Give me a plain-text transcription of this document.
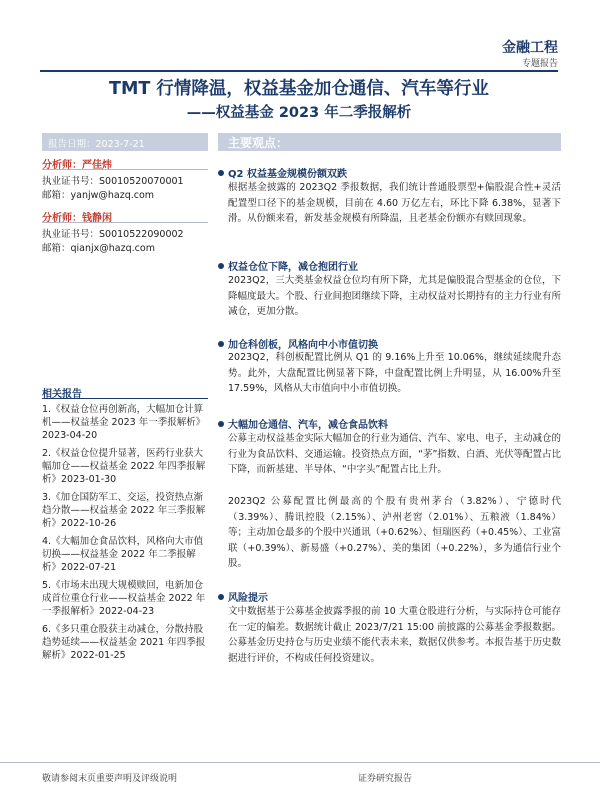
金融工程
专题报告
TMT 行情降温，权益基金加仓通信、汽车等行业
——权益基金 2023 年二季报解析
报告日期：2023-7-21	主要观点：
分析师：严佳炜
执业证书号：S0010520070001
邮箱：yanjw@hazq.com
分析师：钱静闲
执业证书号：S0010522090002
邮箱：qianjx@hazq.com
相关报告
1.《权益仓位再创新高，大幅加仓计算机——权益基金 2023 年一季报解析》2023-04-20
2.《权益仓位提升显著，医药行业获大幅加仓——权益基金 2022 年四季报解析》2023-01-30
3.《加仓国防军工、交运，投资热点渐趋分散——权益基金 2022 年三季报解析》2022-10-26
4.《大幅加仓食品饮料，风格向大市值切换——权益基金 2022 年二季报解析》2022-07-21
5.《市场未出现大规模赎回，电新加仓成首位重仓行业——权益基金 2022 年一季报解析》2022-04-23
6.《多只重仓股获主动减仓，分散持股趋势延续——权益基金 2021 年四季报解析》2022-01-25
Q2 权益基金规模份额双跌
根据基金披露的 2023Q2 季报数据，我们统计普通股票型+偏股混合性+灵活配置型口径下的基金规模，目前在 4.60 万亿左右，环比下降 6.38%，显著下滑。从份额来看，新发基金规模有所降温，且老基金份额亦有赎回现象。
权益仓位下降，减仓抱团行业
2023Q2，三大类基金权益仓位均有所下降，尤其是偏股混合型基金的仓位，下降幅度最大。个股、行业间抱团继续下降，主动权益对长期持有的主力行业有所减仓，更加分散。
加仓科创板，风格向中小市值切换
2023Q2，科创板配置比例从 Q1 的 9.16%上升至 10.06%，继续延续爬升态势。此外，大盘配置比例显著下降，中盘配置比例上升明显，从 16.00%升至 17.59%，风格从大市值向中小市值切换。
大幅加仓通信、汽车，减仓食品饮料
公募主动权益基金实际大幅加仓的行业为通信、汽车、家电、电子，主动减仓的行业为食品饮料、交通运输。投资热点方面，“茅”指数、白酒、光伏等配置占比下降，而新基建、半导体、“中字头”配置占比上升。
2023Q2 公募配置比例最高的个股有贵州茅台（3.82%）、宁德时代（3.39%）、腾讯控股（2.15%）、泸州老窖（2.01%）、五粮液（1.84%）等；主动加仓最多的个股中兴通讯（+0.62%）、恒瑞医药（+0.45%）、工业富联（+0.39%）、新易盛（+0.27%）、美的集团（+0.22%），多为通信行业个股。
风险提示
文中数据基于公募基金披露季报的前 10 大重仓股进行分析，与实际持仓可能存在一定的偏差。数据统计截止 2023/7/21 15:00 前披露的公募基金季报数据。公募基金历史持仓与历史业绩不能代表未来，数据仅供参考。本报告基于历史数据进行评价，不构成任何投资建议。
敬请参阅末页重要声明及评级说明	证券研究报告
